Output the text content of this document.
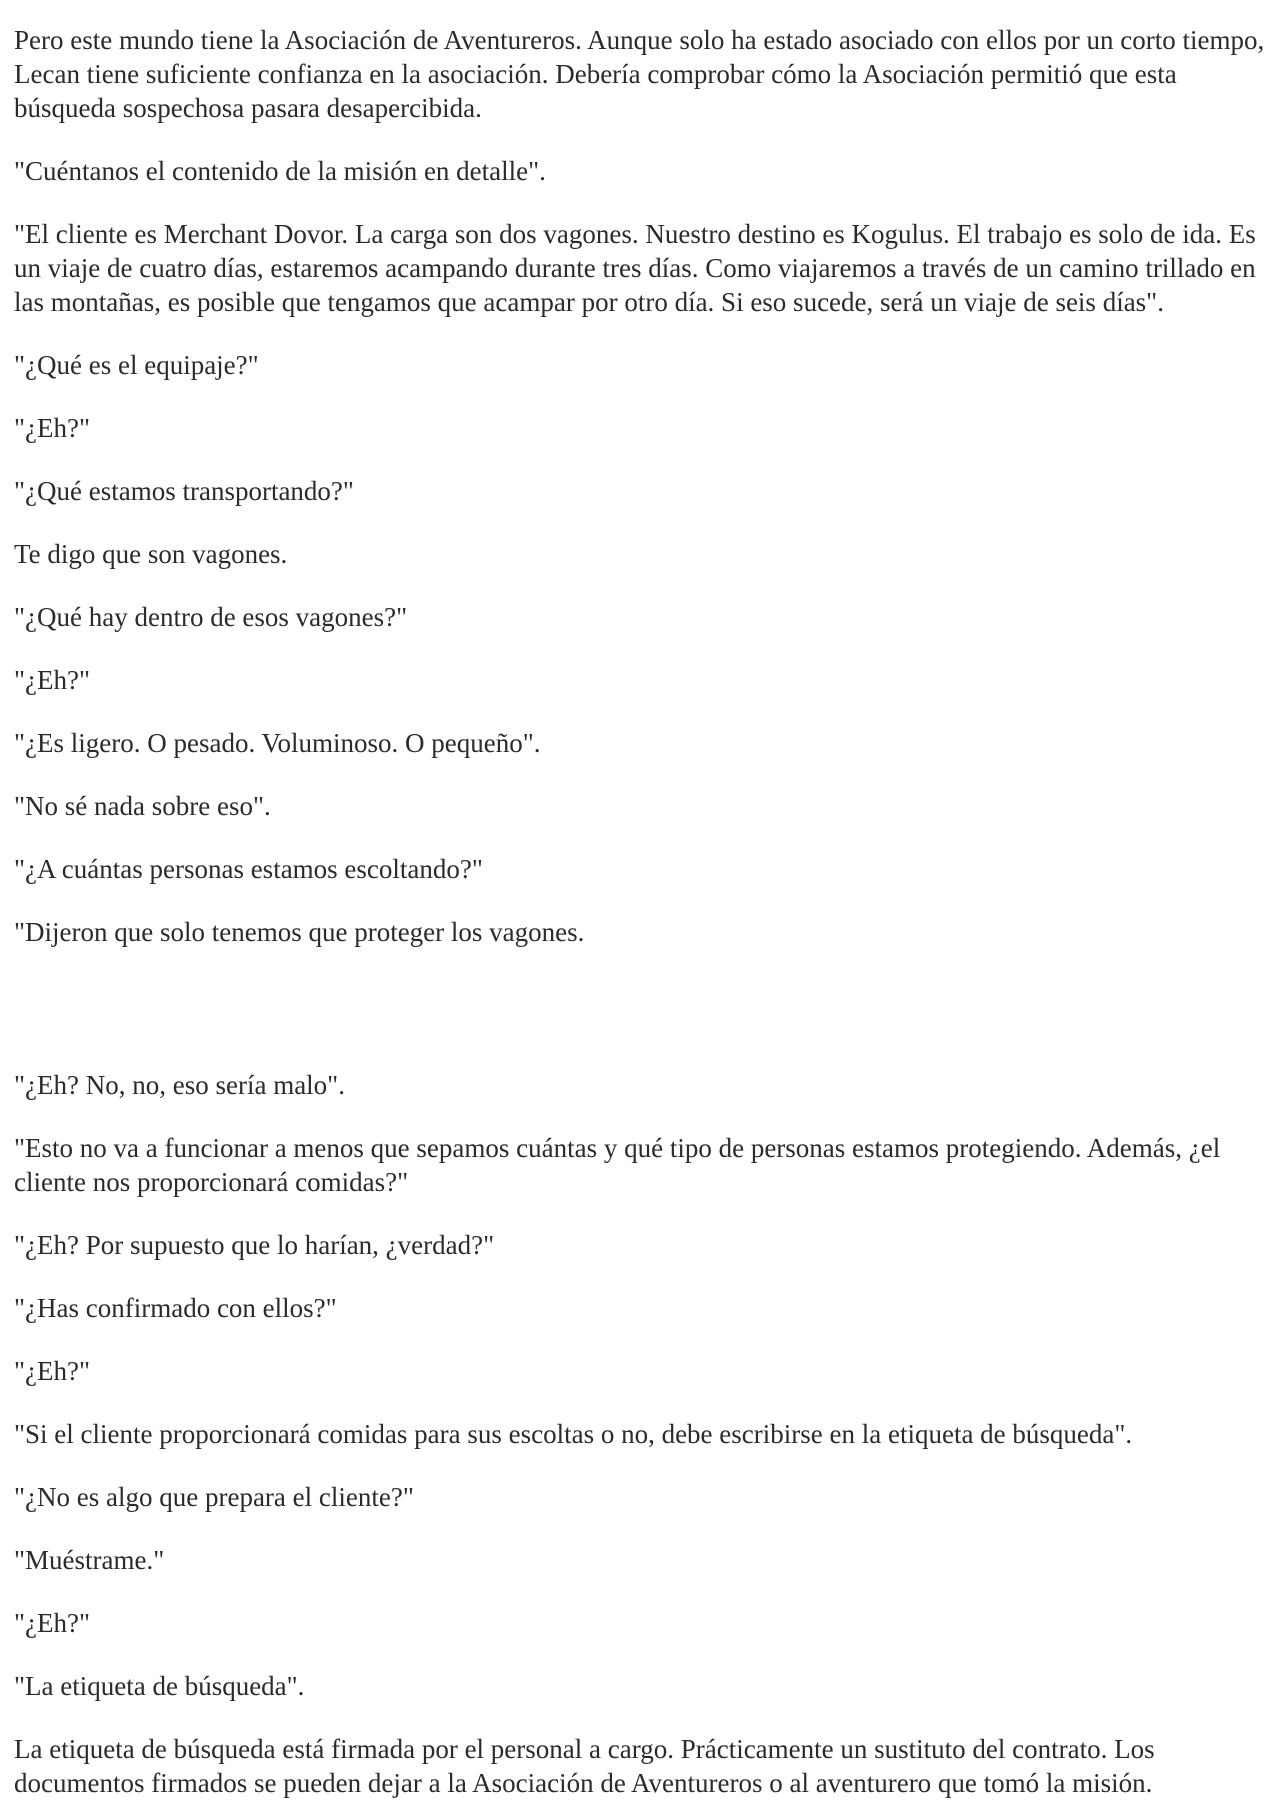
Pero este mundo tiene la Asociación de Aventureros. Aunque solo ha estado asociado con ellos por un corto tiempo, Lecan tiene suficiente confianza en la asociación. Debería comprobar cómo la Asociación permitió que esta búsqueda sospechosa pasara desapercibida.

"Cuéntanos el contenido de la misión en detalle".

"El cliente es Merchant Dovor. La carga son dos vagones. Nuestro destino es Kogulus. El trabajo es solo de ida. Es un viaje de cuatro días, estaremos acampando durante tres días. Como viajaremos a través de un camino trillado en las montañas, es posible que tengamos que acampar por otro día. Si eso sucede, será un viaje de seis días".

"¿Qué es el equipaje?"

"¿Eh?"

"¿Qué estamos transportando?"

Te digo que son vagones.

"¿Qué hay dentro de esos vagones?"

"¿Eh?"

"¿Es ligero. O pesado. Voluminoso. O pequeño".

"No sé nada sobre eso".

"¿A cuántas personas estamos escoltando?"

"Dijeron que solo tenemos que proteger los vagones.

"¿Eh? No, no, eso sería malo".

"Esto no va a funcionar a menos que sepamos cuántas y qué tipo de personas estamos protegiendo. Además, ¿el cliente nos proporcionará comidas?"

"¿Eh? Por supuesto que lo harían, ¿verdad?"

"¿Has confirmado con ellos?"

"¿Eh?"

"Si el cliente proporcionará comidas para sus escoltas o no, debe escribirse en la etiqueta de búsqueda".

"¿No es algo que prepara el cliente?"

"Muéstrame."

"¿Eh?"

"La etiqueta de búsqueda".

La etiqueta de búsqueda está firmada por el personal a cargo. Prácticamente un sustituto del contrato. Los documentos firmados se pueden dejar a la Asociación de Aventureros o al aventurero que tomó la misión.
